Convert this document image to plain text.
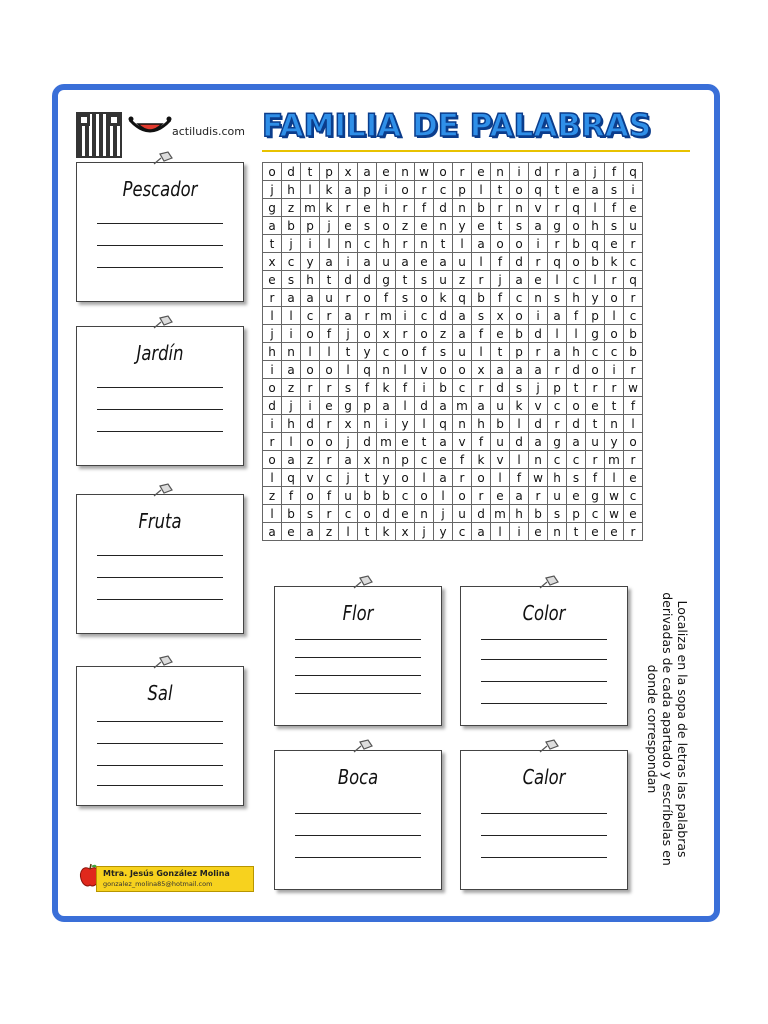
actiludis.com FAMILIA DE PALABRAS
o	d	t	p	x	a	e	n	w	o	r	e	n	i	d	r	a	j	f	q
j	h	l	k	a	p	i	o	r	c	p	l	t	o	q	t	e	a	s	i
g	z	m	k	r	e	h	r	f	d	n	b	r	n	v	r	q	l	f	e
a	b	p	j	e	s	o	z	e	n	y	e	t	s	a	g	o	h	s	u
t	j	i	l	n	c	h	r	n	t	l	a	o	o	i	r	b	q	e	r
x	c	y	a	i	a	u	a	e	a	u	l	f	d	r	q	o	b	k	c
e	s	h	t	d	d	g	t	s	u	z	r	j	a	e	l	c	l	r	q
r	a	a	u	r	o	f	s	o	k	q	b	f	c	n	s	h	y	o	r
l	l	c	r	a	r	m	i	c	d	a	s	x	o	i	a	f	p	l	c
j	i	o	f	j	o	x	r	o	z	a	f	e	b	d	l	l	g	o	b
h	n	l	l	t	y	c	o	f	s	u	l	t	p	r	a	h	c	c	b
i	a	o	o	l	q	n	l	v	o	o	x	a	a	a	r	d	o	i	r
o	z	r	r	s	f	k	f	i	b	c	r	d	s	j	p	t	r	r	w
d	j	i	e	g	p	a	l	d	a	m	a	u	k	v	c	o	e	t	f
i	h	d	r	x	n	i	y	l	q	n	h	b	l	d	r	d	t	n	l
r	l	o	o	j	d	m	e	t	a	v	f	u	d	a	g	a	u	y	o
o	a	z	r	a	x	n	p	c	e	f	k	v	l	n	c	c	r	m	r
l	q	v	c	j	t	y	o	l	a	r	o	l	f	w	h	s	f	l	e
z	f	o	f	u	b	b	c	o	l	o	r	e	a	r	u	e	g	w	c
l	b	s	r	c	o	d	e	n	j	u	d	m	h	b	s	p	c	w	e
a	e	a	z	l	t	k	x	j	y	c	a	l	i	e	n	t	e	e	r
Pescador
Jardín
Fruta
Sal
Flor	Color
Boca	Calor	Localiza en la sopa de letras las palabras derivadas de cada apartado y escríbelas en donde correspondan
Mtra. Jesús González Molina
gonzalez_molina85@hotmail.com
